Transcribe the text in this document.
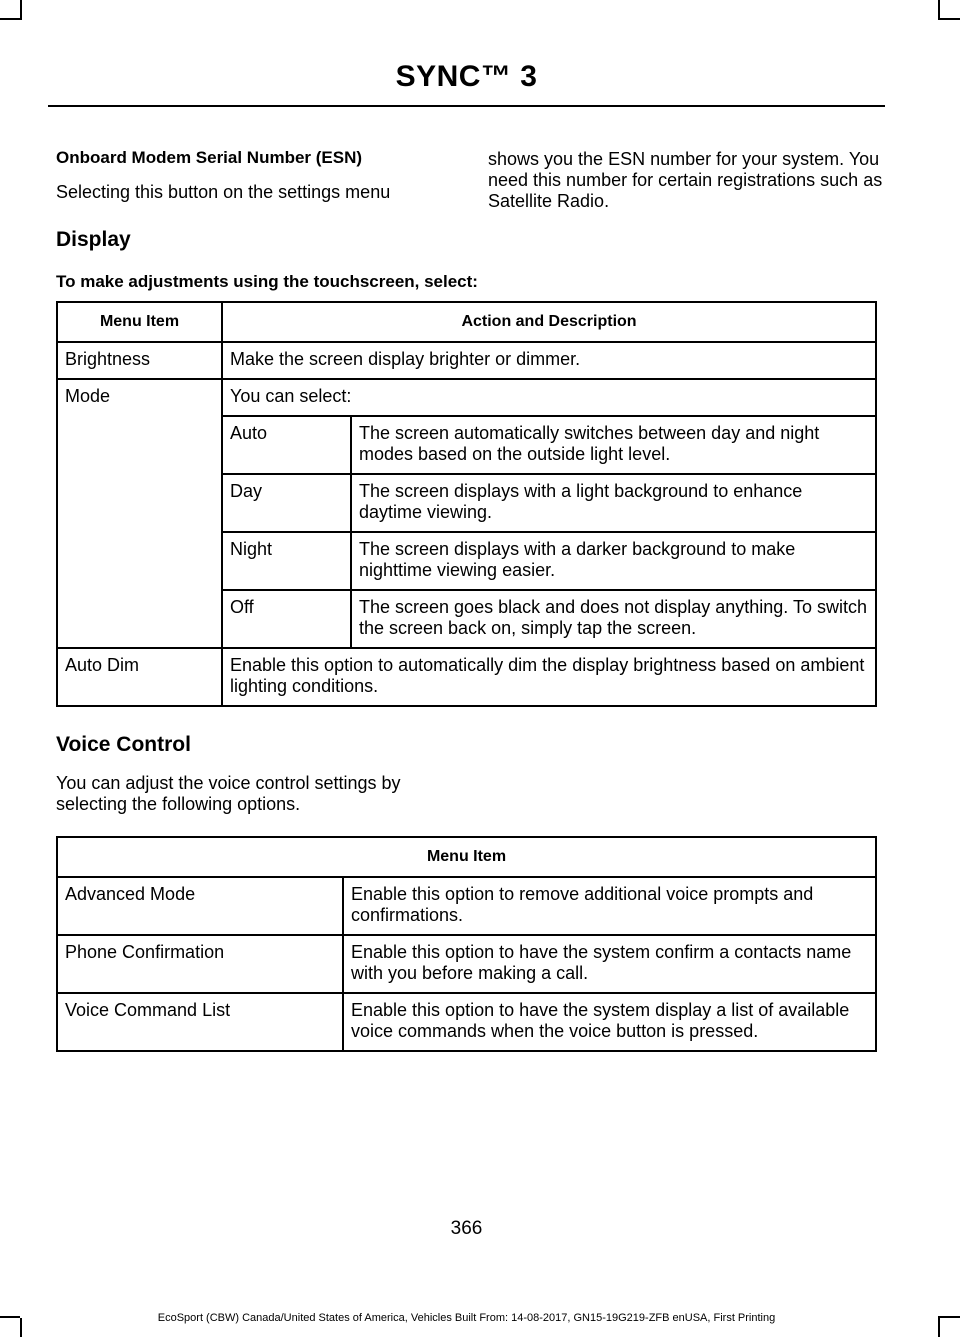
SYNC™ 3

Onboard Modem Serial Number (ESN)

Selecting this button on the settings menu

shows you the ESN number for your system. You need this number for certain registrations such as Satellite Radio.

Display

To make adjustments using the touchscreen, select:

Menu Item	Action and Description	
Brightness	Make the screen display brighter or dimmer.	
Mode	You can select:	
	Auto	The screen automatically switches between day and night modes based on the outside light level.
	Day	The screen displays with a light background to enhance daytime viewing.
	Night	The screen displays with a darker background to make nighttime viewing easier.
	Off	The screen goes black and does not display anything. To switch the screen back on, simply tap the screen.
Auto Dim	Enable this option to automatically dim the display brightness based on ambient lighting conditions.	
Voice Control

You can adjust the voice control settings by selecting the following options.

Menu Item	
Advanced Mode	Enable this option to remove additional voice prompts and confirmations.
Phone Confirmation	Enable this option to have the system confirm a contacts name with you before making a call.
Voice Command List	Enable this option to have the system display a list of available voice commands when the voice button is pressed.
366
EcoSport (CBW) Canada/United States of America, Vehicles Built From: 14-08-2017, GN15-19G219-ZFB enUSA, First Printing
